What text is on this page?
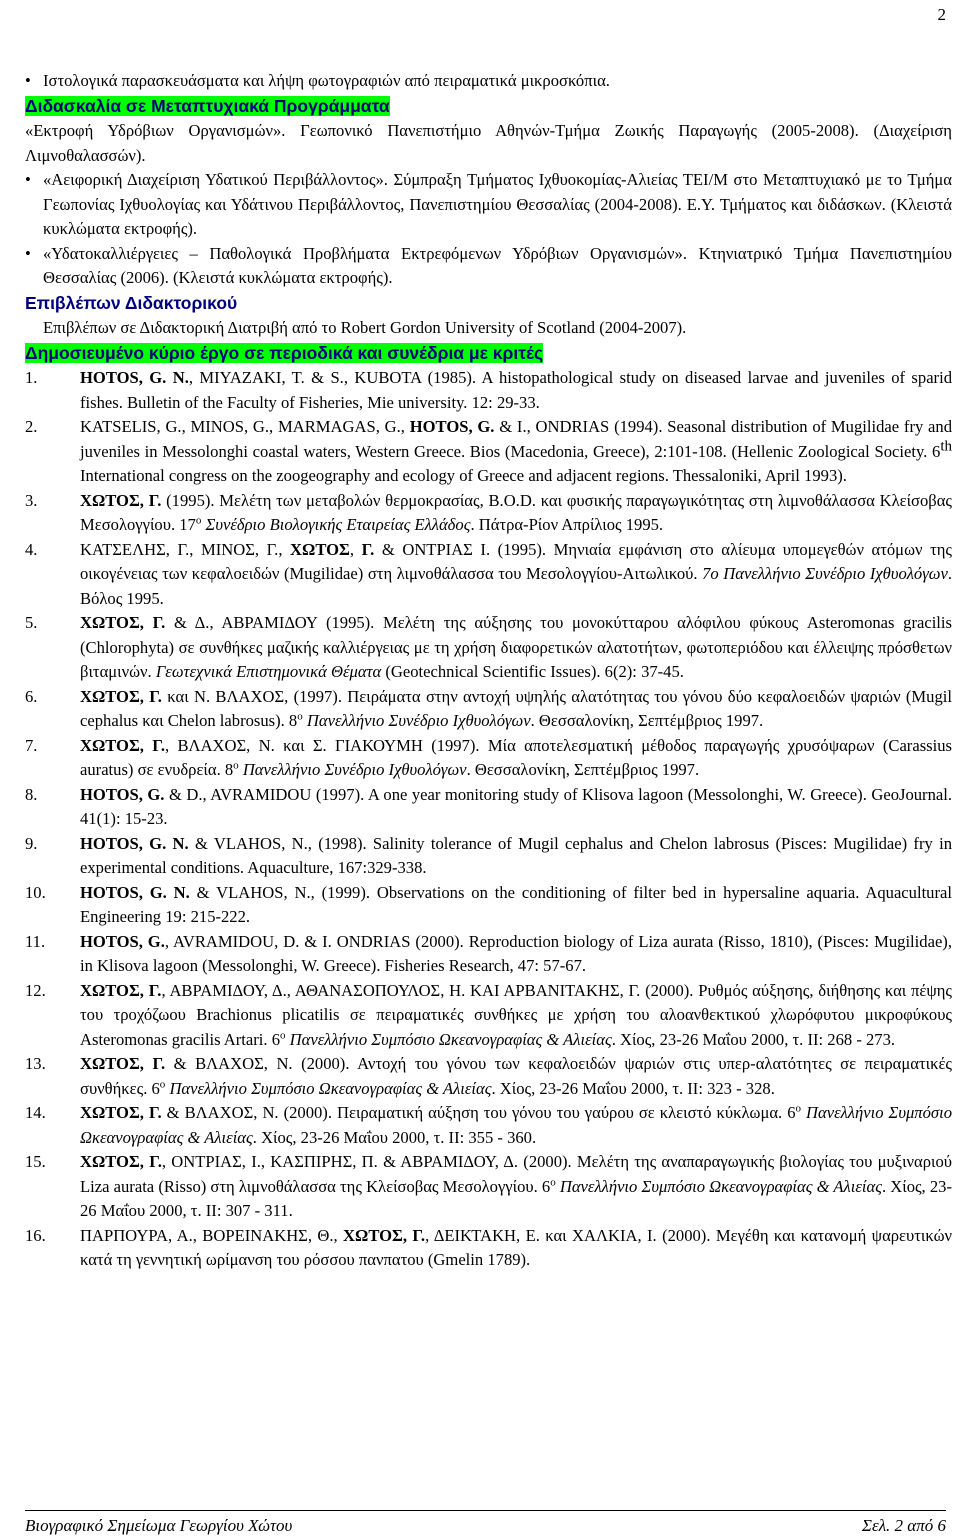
2
• Ιστολογικά παρασκευάσματα και λήψη φωτογραφιών από πειραματικά μικροσκόπια.
Διδασκαλία σε Μεταπτυχιακά Προγράμματα
«Εκτροφή Υδρόβιων Οργανισμών». Γεωπονικό Πανεπιστήμιο Αθηνών-Τμήμα Ζωικής Παραγωγής (2005-2008). (Διαχείριση Λιμνοθαλασσών).
• «Αειφορική Διαχείριση Υδατικού Περιβάλλοντος». Σύμπραξη Τμήματος Ιχθυοκομίας-Αλιείας ΤΕΙ/Μ στο Μεταπτυχιακό με το Τμήμα Γεωπονίας Ιχθυολογίας και Υδάτινου Περιβάλλοντος, Πανεπιστημίου Θεσσαλίας (2004-2008). Ε.Υ. Τμήματος και διδάσκων. (Κλειστά κυκλώματα εκτροφής).
• «Υδατοκαλλιέργειες – Παθολογικά Προβλήματα Εκτρεφόμενων Υδρόβιων Οργανισμών». Κτηνιατρικό Τμήμα Πανεπιστημίου Θεσσαλίας (2006). (Κλειστά κυκλώματα εκτροφής).
Επιβλέπων Διδακτορικού
Επιβλέπων σε Διδακτορική Διατριβή από το Robert Gordon University of Scotland (2004-2007).
Δημοσιευμένο κύριο έργο σε περιοδικά και συνέδρια με κριτές
1.	HOTOS, G. N., MIYAZAKI, T. & S., KUBOTA (1985). A histopathological study on diseased larvae and juveniles of sparid fishes. Bulletin of the Faculty of Fisheries, Mie university. 12: 29-33.
2.	KATSELIS, G., MINOS, G., MARMAGAS, G., HOTOS, G. & I., ONDRIAS (1994). Seasonal distribution of Mugilidae fry and juveniles in Messolonghi coastal waters, Western Greece. Bios (Macedonia, Greece), 2:101-108. (Hellenic Zoological Society. 6th International congress on the zoogeography and ecology of Greece and adjacent regions. Thessaloniki, April 1993).
3.	ΧΩΤΟΣ, Γ. (1995). Μελέτη των μεταβολών θερμοκρασίας, B.O.D. και φυσικής παραγωγικότητας στη λιμνοθάλασσα Κλείσοβας Μεσολογγίου. $17^o$ Συνέδριο Βιολογικής Εταιρείας Ελλάδος. Πάτρα-Ρίον Απρίλιος 1995.
4.	ΚΑΤΣΕΛΗΣ, Γ., ΜΙΝΟΣ, Γ., ΧΩΤΟΣ, Γ. & ΟΝΤΡΙΑΣ Ι. (1995). Μηνιαία εμφάνιση στο αλίευμα υπομεγεθών ατόμων της οικογένειας των κεφαλοειδών (Mugilidae) στη λιμνοθάλασσα του Μεσολογγίου-Αιτωλικού. 7ο Πανελλήνιο Συνέδριο Ιχθυολόγων. Βόλος 1995.
5.	ΧΩΤΟΣ, Γ. & Δ., ΑΒΡΑΜΙΔΟΥ (1995). Μελέτη της αύξησης του μονοκύτταρου αλόφιλου φύκους Asteromonas gracilis (Chlorophyta) σε συνθήκες μαζικής καλλιέργειας με τη χρήση διαφορετικών αλατοτήτων, φωτοπεριόδου και έλλειψης πρόσθετων βιταμινών. Γεωτεχνικά Επιστημονικά Θέματα (Geotechnical Scientific Issues). 6(2): 37-45.
6.	ΧΩΤΟΣ, Γ. και Ν. ΒΛΑΧΟΣ, (1997). Πειράματα στην αντοχή υψηλής αλατότητας του γόνου δύο κεφαλοειδών ψαριών (Mugil cephalus και Chelon labrosus). $8^o$ Πανελλήνιο Συνέδριο Ιχθυολόγων. Θεσσαλονίκη, Σεπτέμβριος 1997.
7.	ΧΩΤΟΣ, Γ., ΒΛΑΧΟΣ, Ν. και Σ. ΓΙΑΚΟΥΜΗ (1997). Μία αποτελεσματική μέθοδος παραγωγής χρυσόψαρων (Carassius auratus) σε ενυδρεία. $8^o$ Πανελλήνιο Συνέδριο Ιχθυολόγων. Θεσσαλονίκη, Σεπτέμβριος 1997.
8.	HOTOS, G. & D., AVRAMIDOU (1997). A one year monitoring study of Klisova lagoon (Messolonghi, W. Greece). GeoJournal. 41(1): 15-23.
9.	HOTOS, G. N. & VLAHOS, N., (1998). Salinity tolerance of Mugil cephalus and Chelon labrosus (Pisces: Mugilidae) fry in experimental conditions. Aquaculture, 167:329-338.
10. HOTOS, G. N. & VLAHOS, N., (1999). Observations on the conditioning of filter bed in hypersaline aquaria. Aquacultural Engineering 19: 215-222.
11. HOTOS, G., AVRAMIDOU, D. & I. ONDRIAS (2000). Reproduction biology of Liza aurata (Risso, 1810), (Pisces: Mugilidae), in Klisova lagoon (Messolonghi, W. Greece). Fisheries Research, 47: 57-67.
12. ΧΩΤΟΣ, Γ., ΑΒΡΑΜΙΔΟΥ, Δ., ΑΘΑΝΑΣΟΠΟΥΛΟΣ, Η. ΚΑΙ ΑΡΒΑΝΙΤΑΚΗΣ, Γ. (2000). Ρυθμός αύξησης, διήθησης και πέψης του τροχόζωου Brachionus plicatilis σε πειραματικές συνθήκες με χρήση του αλοανθεκτικού χλωρόφυτου μικροφύκους Asteromonas gracilis Artari. $6^o$ Πανελλήνιο Συμπόσιο Ωκεανογραφίας & Αλιείας. Χίος, 23-26 Μαΐου 2000, τ. ΙΙ: 268 - 273.
13. ΧΩΤΟΣ, Γ. & ΒΛΑΧΟΣ, Ν. (2000). Αντοχή του γόνου των κεφαλοειδών ψαριών στις υπερ-αλατότητες σε πειραματικές συνθήκες. $6^o$ Πανελλήνιο Συμπόσιο Ωκεανογραφίας & Αλιείας. Χίος, 23-26 Μαΐου 2000, τ. ΙΙ: 323 - 328.
14. ΧΩΤΟΣ, Γ. & ΒΛΑΧΟΣ, Ν. (2000). Πειραματική αύξηση του γόνου του γαύρου σε κλειστό κύκλωμα. $6^o$ Πανελλήνιο Συμπόσιο Ωκεανογραφίας & Αλιείας. Χίος, 23-26 Μαΐου 2000, τ. ΙΙ: 355 - 360.
15. ΧΩΤΟΣ, Γ., ΟΝΤΡΙΑΣ, Ι., ΚΑΣΠΙΡΗΣ, Π. & ΑΒΡΑΜΙΔΟΥ, Δ. (2000). Μελέτη της αναπαραγωγικής βιολογίας του μυξιναριού Liza aurata (Risso) στη λιμνοθάλασσα της Κλείσοβας Μεσολογγίου. $6^o$ Πανελλήνιο Συμπόσιο Ωκεανογραφίας & Αλιείας. Χίος, 23-26 Μαΐου 2000, τ. ΙΙ: 307 - 311.
16. ΠΑΡΠΟΥΡΑ, Α., ΒΟΡΕΙΝΑΚΗΣ, Θ., ΧΩΤΟΣ, Γ., ΔΕΙΚΤΑΚΗ, Ε. και ΧΑΛΚΙΑ, Ι. (2000). Μεγέθη και κατανομή ψαρευτικών κατά τη γεννητική ωρίμανση του ρόσσου πανπατου (Gmelin 1789).
Βιογραφικό Σημείωμα Γεωργίου Χώτου	Σελ. 2 από 6
